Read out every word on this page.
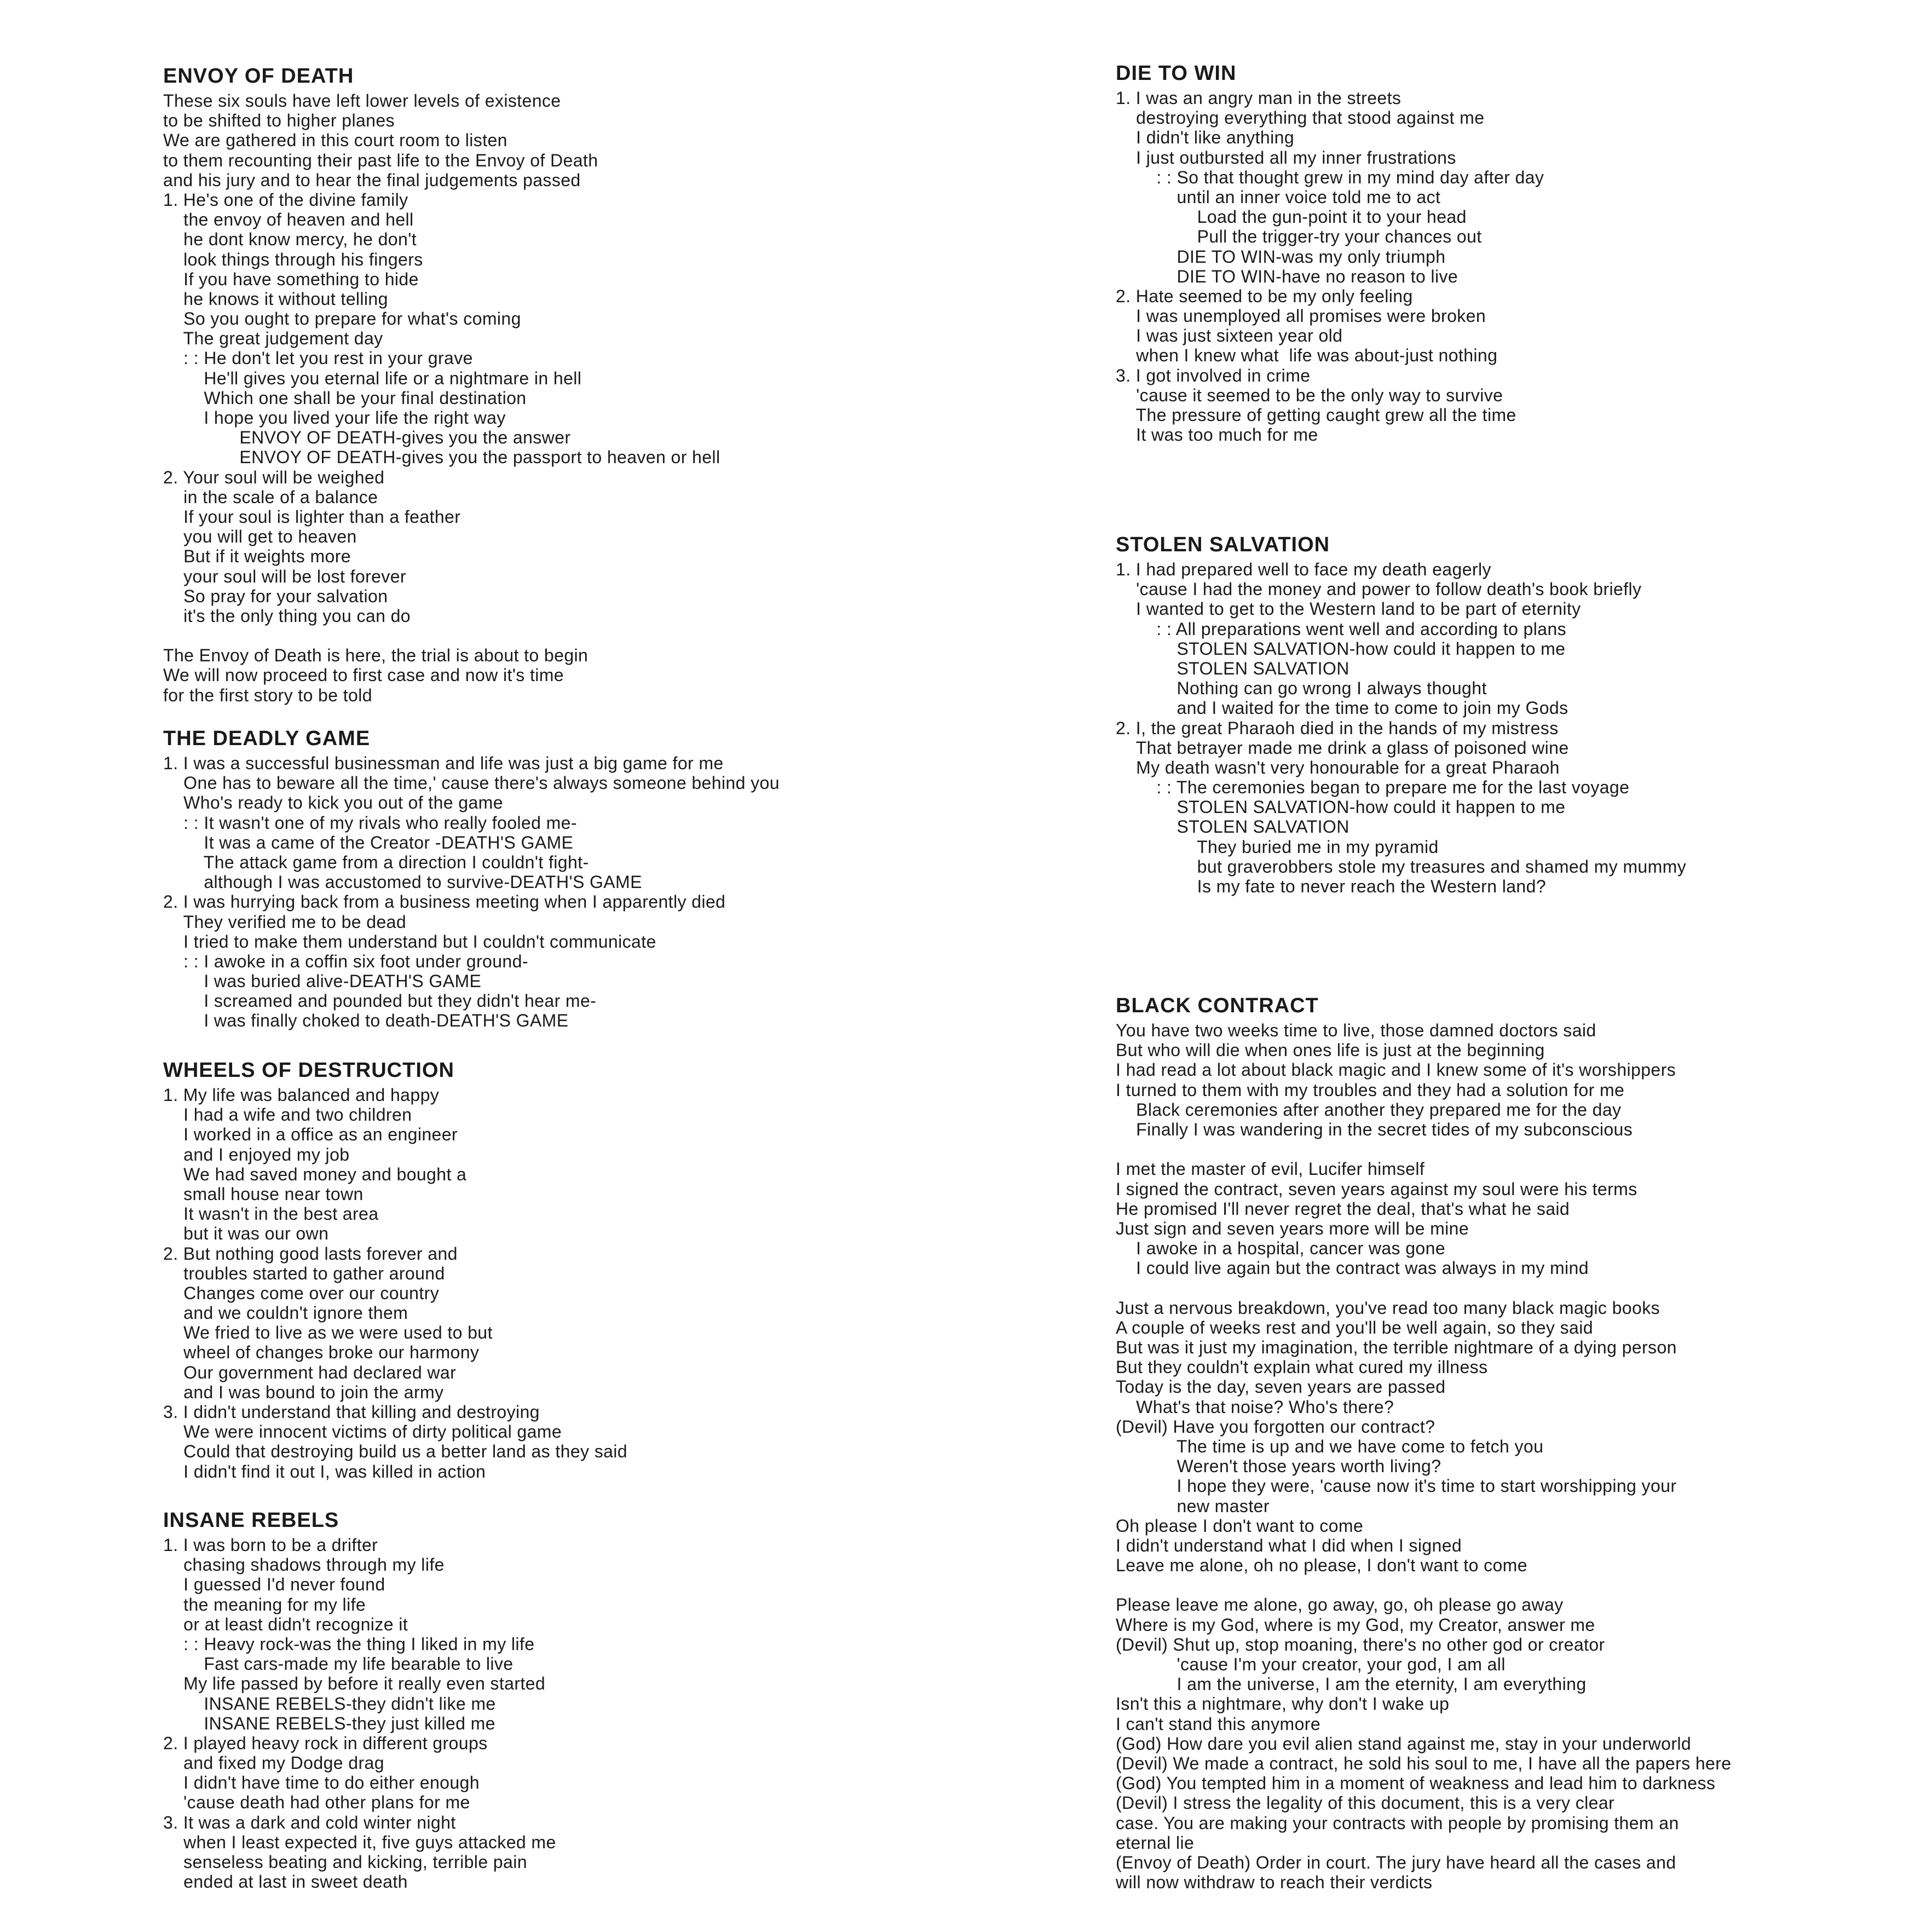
ENVOY OF DEATH
These six souls have left lower levels of existence
to be shifted to higher planes
We are gathered in this court room to listen
to them recounting their past life to the Envoy of Death
and his jury and to hear the final judgements passed
1. He's one of the divine family
the envoy of heaven and hell
he dont know mercy, he don't
look things through his fingers
If you have something to hide
he knows it without telling
So you ought to prepare for what's coming
The great judgement day
: : He don't let you rest in your grave
He'll gives you eternal life or a nightmare in hell
Which one shall be your final destination
I hope you lived your life the right way
ENVOY OF DEATH-gives you the answer
ENVOY OF DEATH-gives you the passport to heaven or hell
2. Your soul will be weighed
in the scale of a balance
If your soul is lighter than a feather
you will get to heaven
But if it weights more
your soul will be lost forever
So pray for your salvation
it's the only thing you can do
The Envoy of Death is here, the trial is about to begin
We will now proceed to first case and now it's time
for the first story to be told
THE DEADLY GAME
1. I was a successful businessman and life was just a big game for me
One has to beware all the time,' cause there's always someone behind you
Who's ready to kick you out of the game
: : It wasn't one of my rivals who really fooled me-
It was a came of the Creator -DEATH'S GAME
The attack game from a direction I couldn't fight-
although I was accustomed to survive-DEATH'S GAME
2. I was hurrying back from a business meeting when I apparently died
They verified me to be dead
I tried to make them understand but I couldn't communicate
: : I awoke in a coffin six foot under ground-
I was buried alive-DEATH'S GAME
I screamed and pounded but they didn't hear me-
I was finally choked to death-DEATH'S GAME
WHEELS OF DESTRUCTION
1. My life was balanced and happy
I had a wife and two children
I worked in a office as an engineer
and I enjoyed my job
We had saved money and bought a
small house near town
It wasn't in the best area
but it was our own
2. But nothing good lasts forever and
troubles started to gather around
Changes come over our country
and we couldn't ignore them
We fried to live as we were used to but
wheel of changes broke our harmony
Our government had declared war
and I was bound to join the army
3. I didn't understand that killing and destroying
We were innocent victims of dirty political game
Could that destroying build us a better land as they said
I didn't find it out I, was killed in action
INSANE REBELS
1. I was born to be a drifter
chasing shadows through my life
I guessed I'd never found
the meaning for my life
or at least didn't recognize it
: : Heavy rock-was the thing I liked in my life
Fast cars-made my life bearable to live
My life passed by before it really even started
INSANE REBELS-they didn't like me
INSANE REBELS-they just killed me
2. I played heavy rock in different groups
and fixed my Dodge drag
I didn't have time to do either enough
'cause death had other plans for me
3. It was a dark and cold winter night
when I least expected it, five guys attacked me
senseless beating and kicking, terrible pain
ended at last in sweet death
DIE TO WIN
1. I was an angry man in the streets
destroying everything that stood against me
I didn't like anything
I just outbursted all my inner frustrations
: : So that thought grew in my mind day after day
until an inner voice told me to act
Load the gun-point it to your head
Pull the trigger-try your chances out
DIE TO WIN-was my only triumph
DIE TO WIN-have no reason to live
2. Hate seemed to be my only feeling
I was unemployed all promises were broken
I was just sixteen year old
when I knew what  life was about-just nothing
3. I got involved in crime
'cause it seemed to be the only way to survive
The pressure of getting caught grew all the time
It was too much for me
STOLEN SALVATION
1. I had prepared well to face my death eagerly
'cause I had the money and power to follow death's book briefly
I wanted to get to the Western land to be part of eternity
: : All preparations went well and according to plans
STOLEN SALVATION-how could it happen to me
STOLEN SALVATION
Nothing can go wrong I always thought
and I waited for the time to come to join my Gods
2. I, the great Pharaoh died in the hands of my mistress
That betrayer made me drink a glass of poisoned wine
My death wasn't very honourable for a great Pharaoh
: : The ceremonies began to prepare me for the last voyage
STOLEN SALVATION-how could it happen to me
STOLEN SALVATION
They buried me in my pyramid
but graverobbers stole my treasures and shamed my mummy
Is my fate to never reach the Western land?
BLACK CONTRACT
You have two weeks time to live, those damned doctors said
But who will die when ones life is just at the beginning
I had read a lot about black magic and I knew some of it's worshippers
I turned to them with my troubles and they had a solution for me
Black ceremonies after another they prepared me for the day
Finally I was wandering in the secret tides of my subconscious
I met the master of evil, Lucifer himself
I signed the contract, seven years against my soul were his terms
He promised I'll never regret the deal, that's what he said
Just sign and seven years more will be mine
I awoke in a hospital, cancer was gone
I could live again but the contract was always in my mind
Just a nervous breakdown, you've read too many black magic books
A couple of weeks rest and you'll be well again, so they said
But was it just my imagination, the terrible nightmare of a dying person
But they couldn't explain what cured my illness
Today is the day, seven years are passed
What's that noise? Who's there?
(Devil) Have you forgotten our contract?
The time is up and we have come to fetch you
Weren't those years worth living?
I hope they were, 'cause now it's time to start worshipping your
new master
Oh please I don't want to come
I didn't understand what I did when I signed
Leave me alone, oh no please, I don't want to come
Please leave me alone, go away, go, oh please go away
Where is my God, where is my God, my Creator, answer me
(Devil) Shut up, stop moaning, there's no other god or creator
'cause I'm your creator, your god, I am all
I am the universe, I am the eternity, I am everything
Isn't this a nightmare, why don't I wake up
I can't stand this anymore
(God) How dare you evil alien stand against me, stay in your underworld
(Devil) We made a contract, he sold his soul to me, I have all the papers here
(God) You tempted him in a moment of weakness and lead him to darkness
(Devil) I stress the legality of this document, this is a very clear
case. You are making your contracts with people by promising them an
eternal lie
(Envoy of Death) Order in court. The jury have heard all the cases and
will now withdraw to reach their verdicts
